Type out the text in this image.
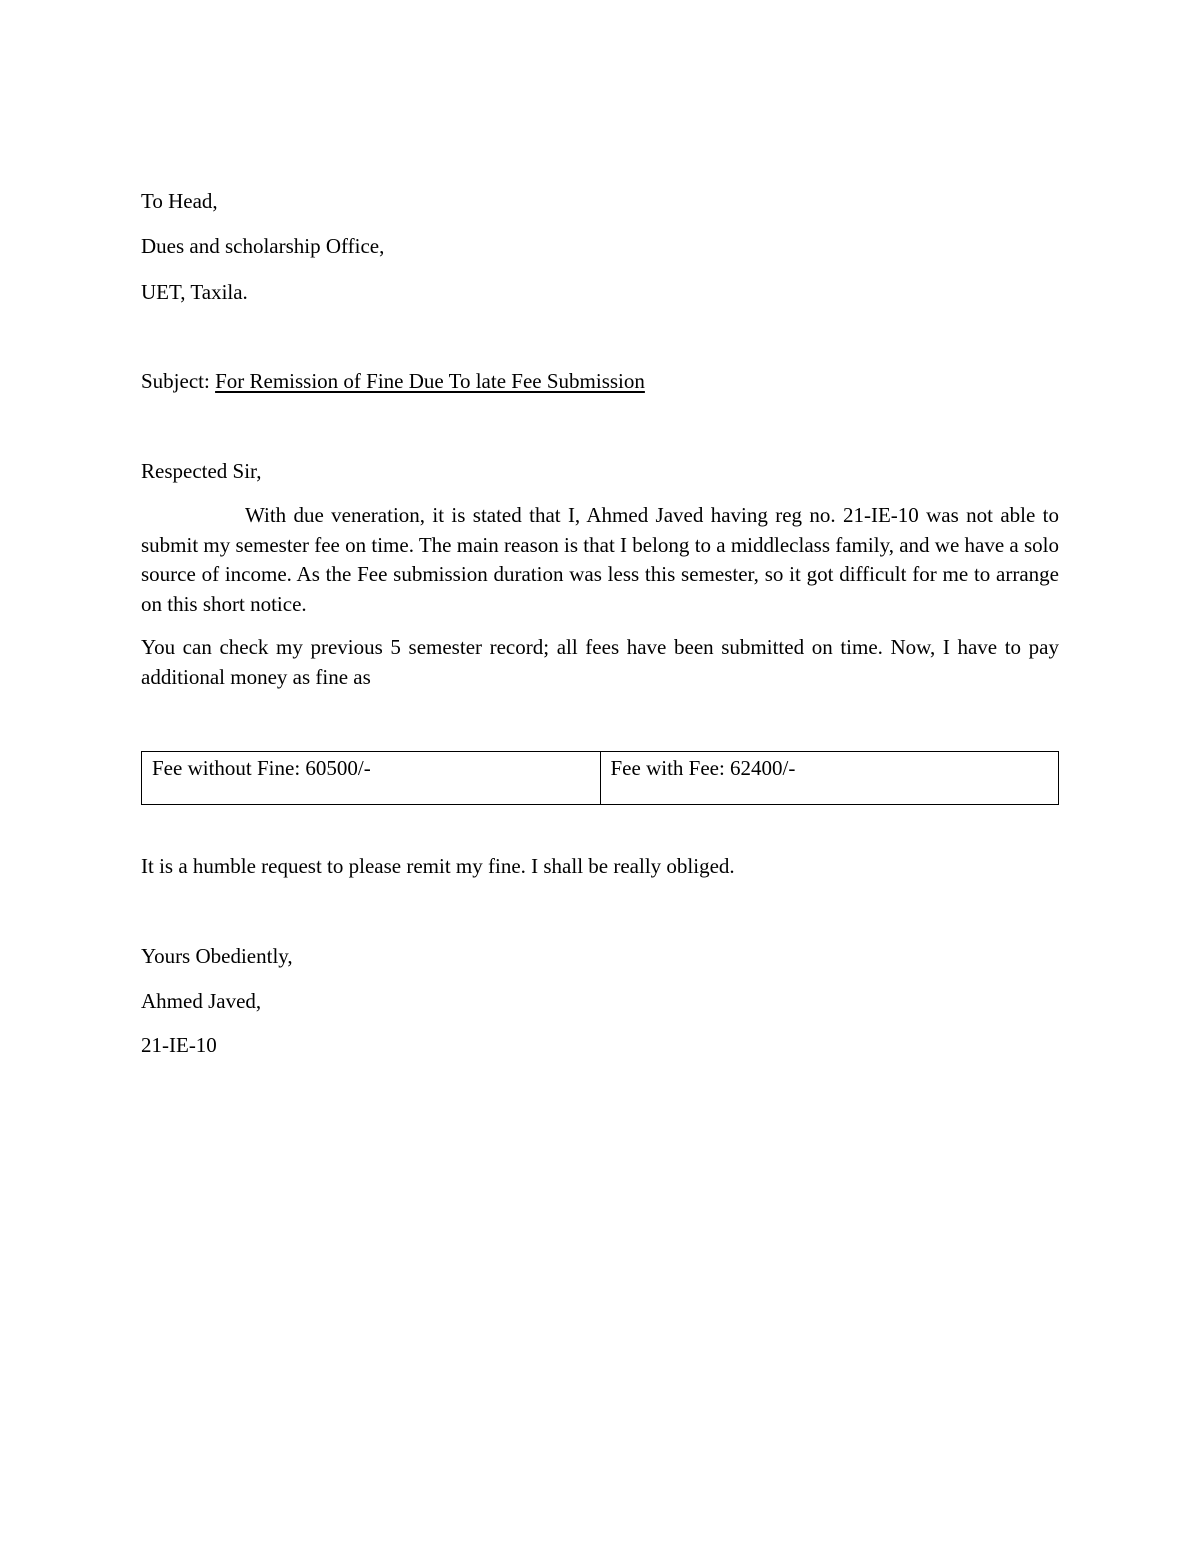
To Head,
Dues and scholarship Office,
UET, Taxila.
Subject: For Remission of Fine Due To late Fee Submission
Respected Sir,
With due veneration, it is stated that I, Ahmed Javed having reg no. 21-IE-10 was not able to submit my semester fee on time. The main reason is that I belong to a middleclass family, and we have a solo source of income. As the Fee submission duration was less this semester, so it got difficult for me to arrange on this short notice.
You can check my previous 5 semester record; all fees have been submitted on time. Now, I have to pay additional money as fine as
Fee without Fine: 60500/-	Fee with Fee: 62400/-
It is a humble request to please remit my fine. I shall be really obliged.
Yours Obediently,
Ahmed Javed,
21-IE-10
